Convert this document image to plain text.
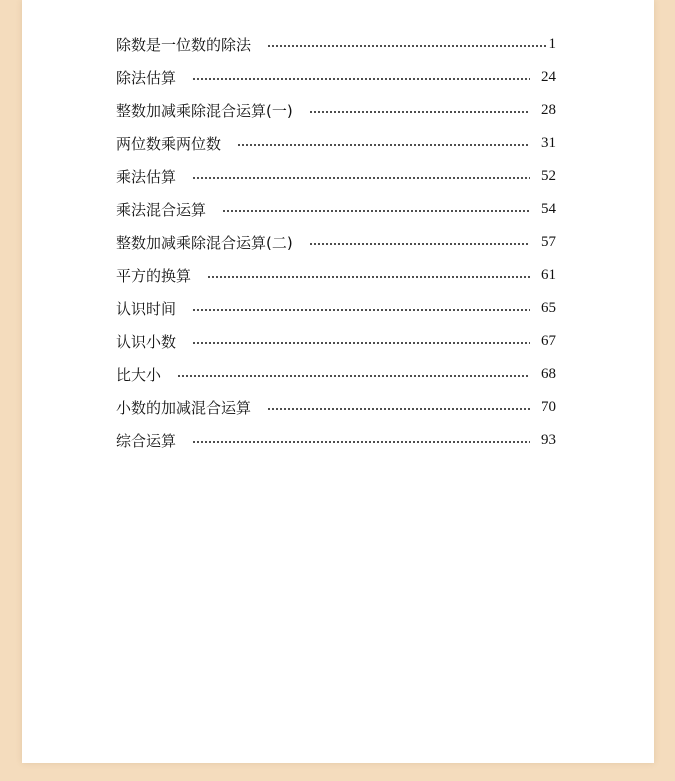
除数是一位数的除法	1
除法估算	24
整数加减乘除混合运算(一)	28
两位数乘两位数	31
乘法估算	52
乘法混合运算	54
整数加减乘除混合运算(二)	57
平方的换算	61
认识时间	65
认识小数	67
比大小	68
小数的加减混合运算	70
综合运算	93
